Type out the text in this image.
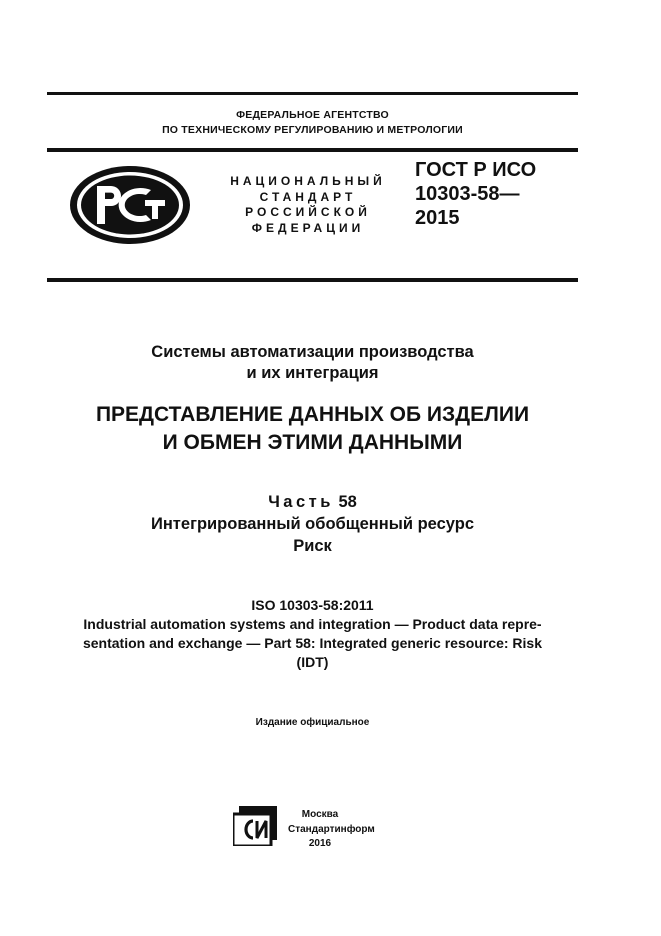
ФЕДЕРАЛЬНОЕ АГЕНТСТВО
ПО ТЕХНИЧЕСКОМУ РЕГУЛИРОВАНИЮ И МЕТРОЛОГИИ
НАЦИОНАЛЬНЫЙ
СТАНДАРТ
РОССИЙСКОЙ
ФЕДЕРАЦИИ
ГОСТ Р ИСО
10303-58—
2015
Системы автоматизации производства
и их интеграция
ПРЕДСТАВЛЕНИЕ ДАННЫХ ОБ ИЗДЕЛИИ
И ОБМЕН ЭТИМИ ДАННЫМИ
Часть 58
Интегрированный обобщенный ресурс
Риск
ISO 10303-58:2011
Industrial automation systems and integration — Product data repre-
sentation and exchange — Part 58: Integrated generic resource: Risk
(IDT)
Издание официальное
Москва
Стандартинформ
2016
